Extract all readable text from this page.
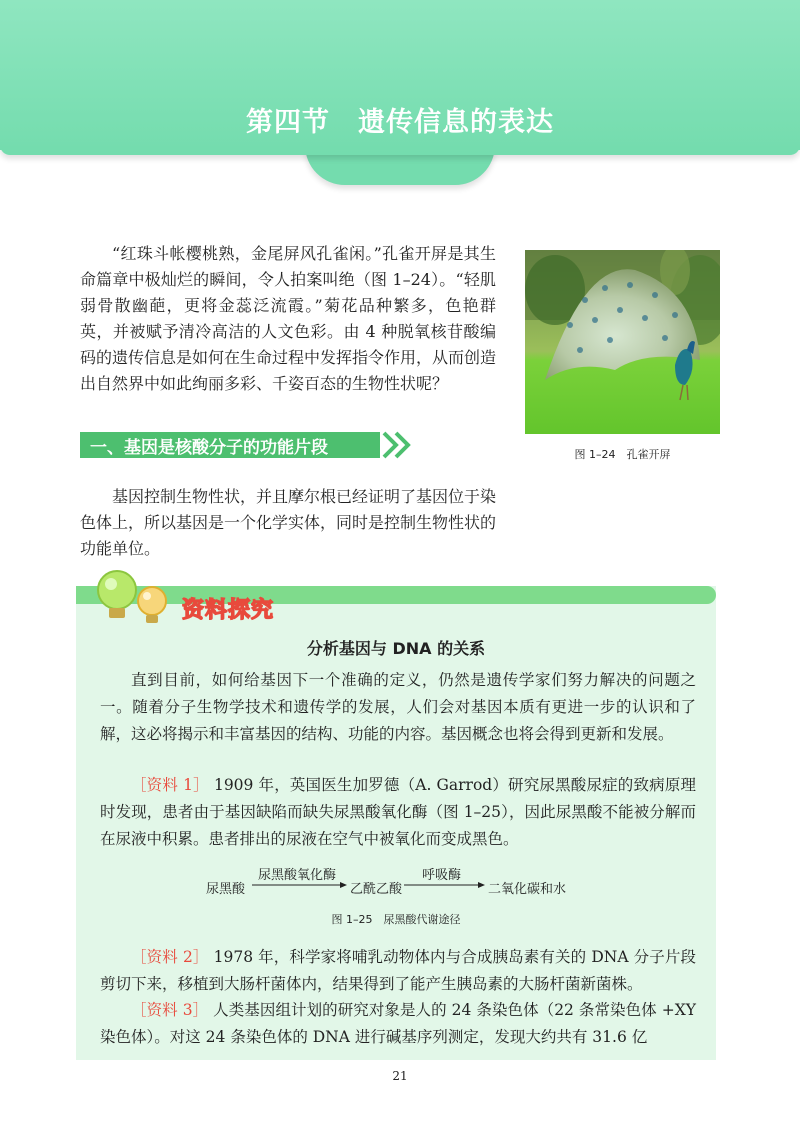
第四节　遗传信息的表达

“红珠斗帐樱桃熟，金尾屏风孔雀闲。”孔雀开屏是其生命篇章中极灿烂的瞬间，令人拍案叫绝（图 1–24）。“轻肌弱骨散幽葩，更将金蕊泛流霞。”菊花品种繁多，色艳群英，并被赋予清冷高洁的人文色彩。由 4 种脱氧核苷酸编码的遗传信息是如何在生命过程中发挥指令作用，从而创造出自然界中如此绚丽多彩、千姿百态的生物性状呢？

图 1–24　孔雀开屏
一、基因是核酸分子的功能片段

基因控制生物性状，并且摩尔根已经证明了基因位于染色体上，所以基因是一个化学实体，同时是控制生物性状的功能单位。

资料探究
分析基因与 DNA 的关系

直到目前，如何给基因下一个准确的定义，仍然是遗传学家们努力解决的问题之一。随着分子生物学技术和遗传学的发展，人们会对基因本质有更进一步的认识和了解，这必将揭示和丰富基因的结构、功能的内容。基因概念也将会得到更新和发展。

［资料 1］ 1909 年，英国医生加罗德（A. Garrod）研究尿黑酸尿症的致病原理时发现，患者由于基因缺陷而缺失尿黑酸氧化酶（图 1–25），因此尿黑酸不能被分解而在尿液中积累。患者排出的尿液在空气中被氧化而变成黑色。

尿黑酸
尿黑酸氧化酶
乙酰乙酸
呼吸酶
二氧化碳和水
图 1–25　尿黑酸代谢途径

［资料 2］ 1978 年，科学家将哺乳动物体内与合成胰岛素有关的 DNA 分子片段剪切下来，移植到大肠杆菌体内，结果得到了能产生胰岛素的大肠杆菌新菌株。

［资料 3］ 人类基因组计划的研究对象是人的 24 条染色体（22 条常染色体 +XY 染色体）。对这 24 条染色体的 DNA 进行碱基序列测定，发现大约共有 31.6 亿

21
